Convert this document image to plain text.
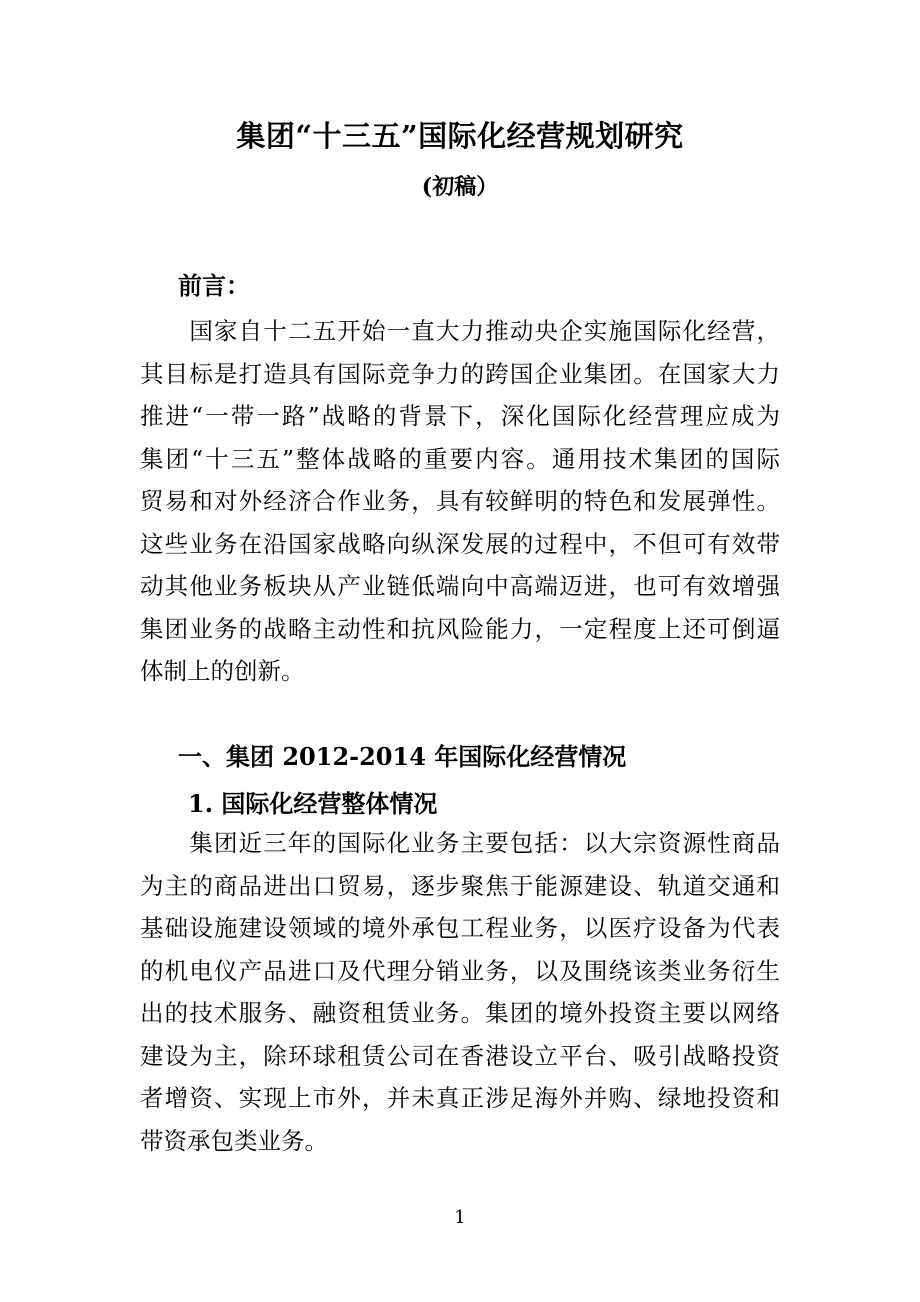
集团“十三五”国际化经营规划研究
(初稿）
前言：
　　国家自十二五开始一直大力推动央企实施国际化经营，
其目标是打造具有国际竞争力的跨国企业集团。在国家大力
推进“一带一路”战略的背景下，深化国际化经营理应成为
集团“十三五”整体战略的重要内容。通用技术集团的国际
贸易和对外经济合作业务，具有较鲜明的特色和发展弹性。
这些业务在沿国家战略向纵深发展的过程中，不但可有效带
动其他业务板块从产业链低端向中高端迈进，也可有效增强
集团业务的战略主动性和抗风险能力，一定程度上还可倒逼
体制上的创新。
一、集团 2012-2014 年国际化经营情况
1. 国际化经营整体情况
　　集团近三年的国际化业务主要包括：以大宗资源性商品
为主的商品进出口贸易，逐步聚焦于能源建设、轨道交通和
基础设施建设领域的境外承包工程业务，以医疗设备为代表
的机电仪产品进口及代理分销业务，以及围绕该类业务衍生
出的技术服务、融资租赁业务。集团的境外投资主要以网络
建设为主，除环球租赁公司在香港设立平台、吸引战略投资
者增资、实现上市外，并未真正涉足海外并购、绿地投资和
带资承包类业务。
1
